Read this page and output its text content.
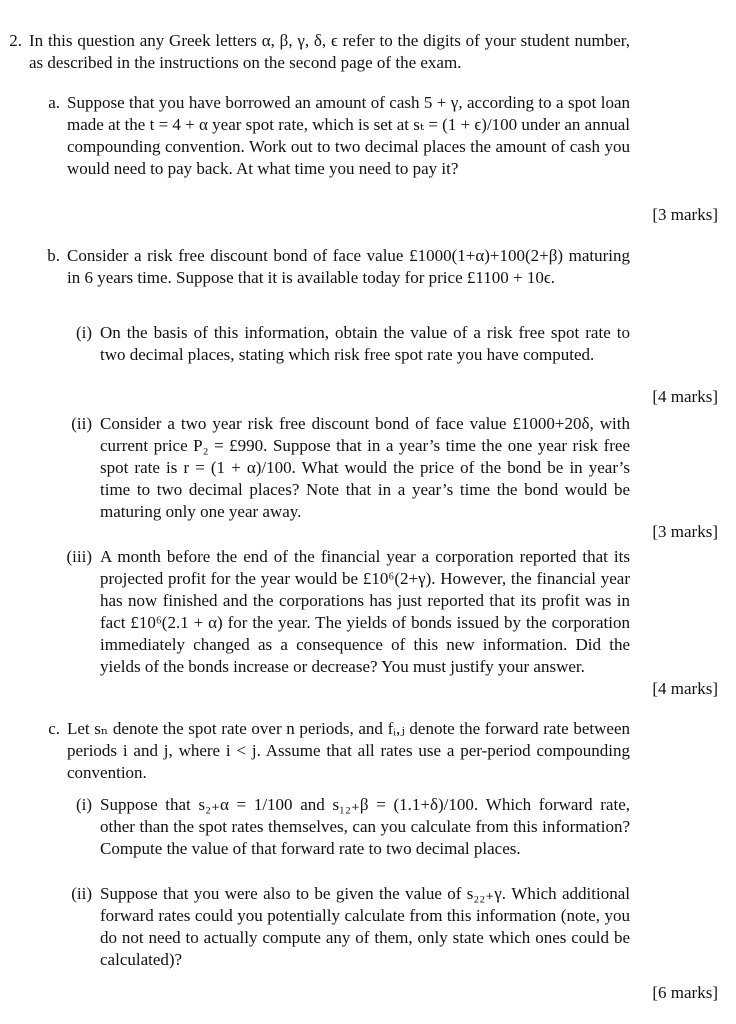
2. In this question any Greek letters α, β, γ, δ, ϵ refer to the digits of your student number, as described in the instructions on the second page of the exam.
a. Suppose that you have borrowed an amount of cash 5 + γ, according to a spot loan made at the t = 4 + α year spot rate, which is set at sₜ = (1 + ϵ)/100 under an annual compounding convention. Work out to two decimal places the amount of cash you would need to pay back. At what time you need to pay it?
[3 marks]
b. Consider a risk free discount bond of face value £1000(1+α)+100(2+β) maturing in 6 years time. Suppose that it is available today for price £1100 + 10ϵ.
(i) On the basis of this information, obtain the value of a risk free spot rate to two decimal places, stating which risk free spot rate you have computed.
[4 marks]
(ii) Consider a two year risk free discount bond of face value £1000+20δ, with current price P₂ = £990. Suppose that in a year’s time the one year risk free spot rate is r = (1 + α)/100. What would the price of the bond be in year’s time to two decimal places? Note that in a year’s time the bond would be maturing only one year away.
[3 marks]
(iii) A month before the end of the financial year a corporation reported that its projected profit for the year would be £10⁶(2+γ). However, the financial year has now finished and the corporations has just reported that its profit was in fact £10⁶(2.1 + α) for the year. The yields of bonds issued by the corporation immediately changed as a consequence of this new information. Did the yields of the bonds increase or decrease? You must justify your answer.
[4 marks]
c. Let sₙ denote the spot rate over n periods, and fᵢ,ⱼ denote the forward rate between periods i and j, where i < j. Assume that all rates use a per-period compounding convention.
(i) Suppose that s₂₊α = 1/100 and s₁₂₊β = (1.1+δ)/100. Which forward rate, other than the spot rates themselves, can you calculate from this information? Compute the value of that forward rate to two decimal places.
(ii) Suppose that you were also to be given the value of s₂₂₊γ. Which additional forward rates could you potentially calculate from this information (note, you do not need to actually compute any of them, only state which ones could be calculated)?
[6 marks]
